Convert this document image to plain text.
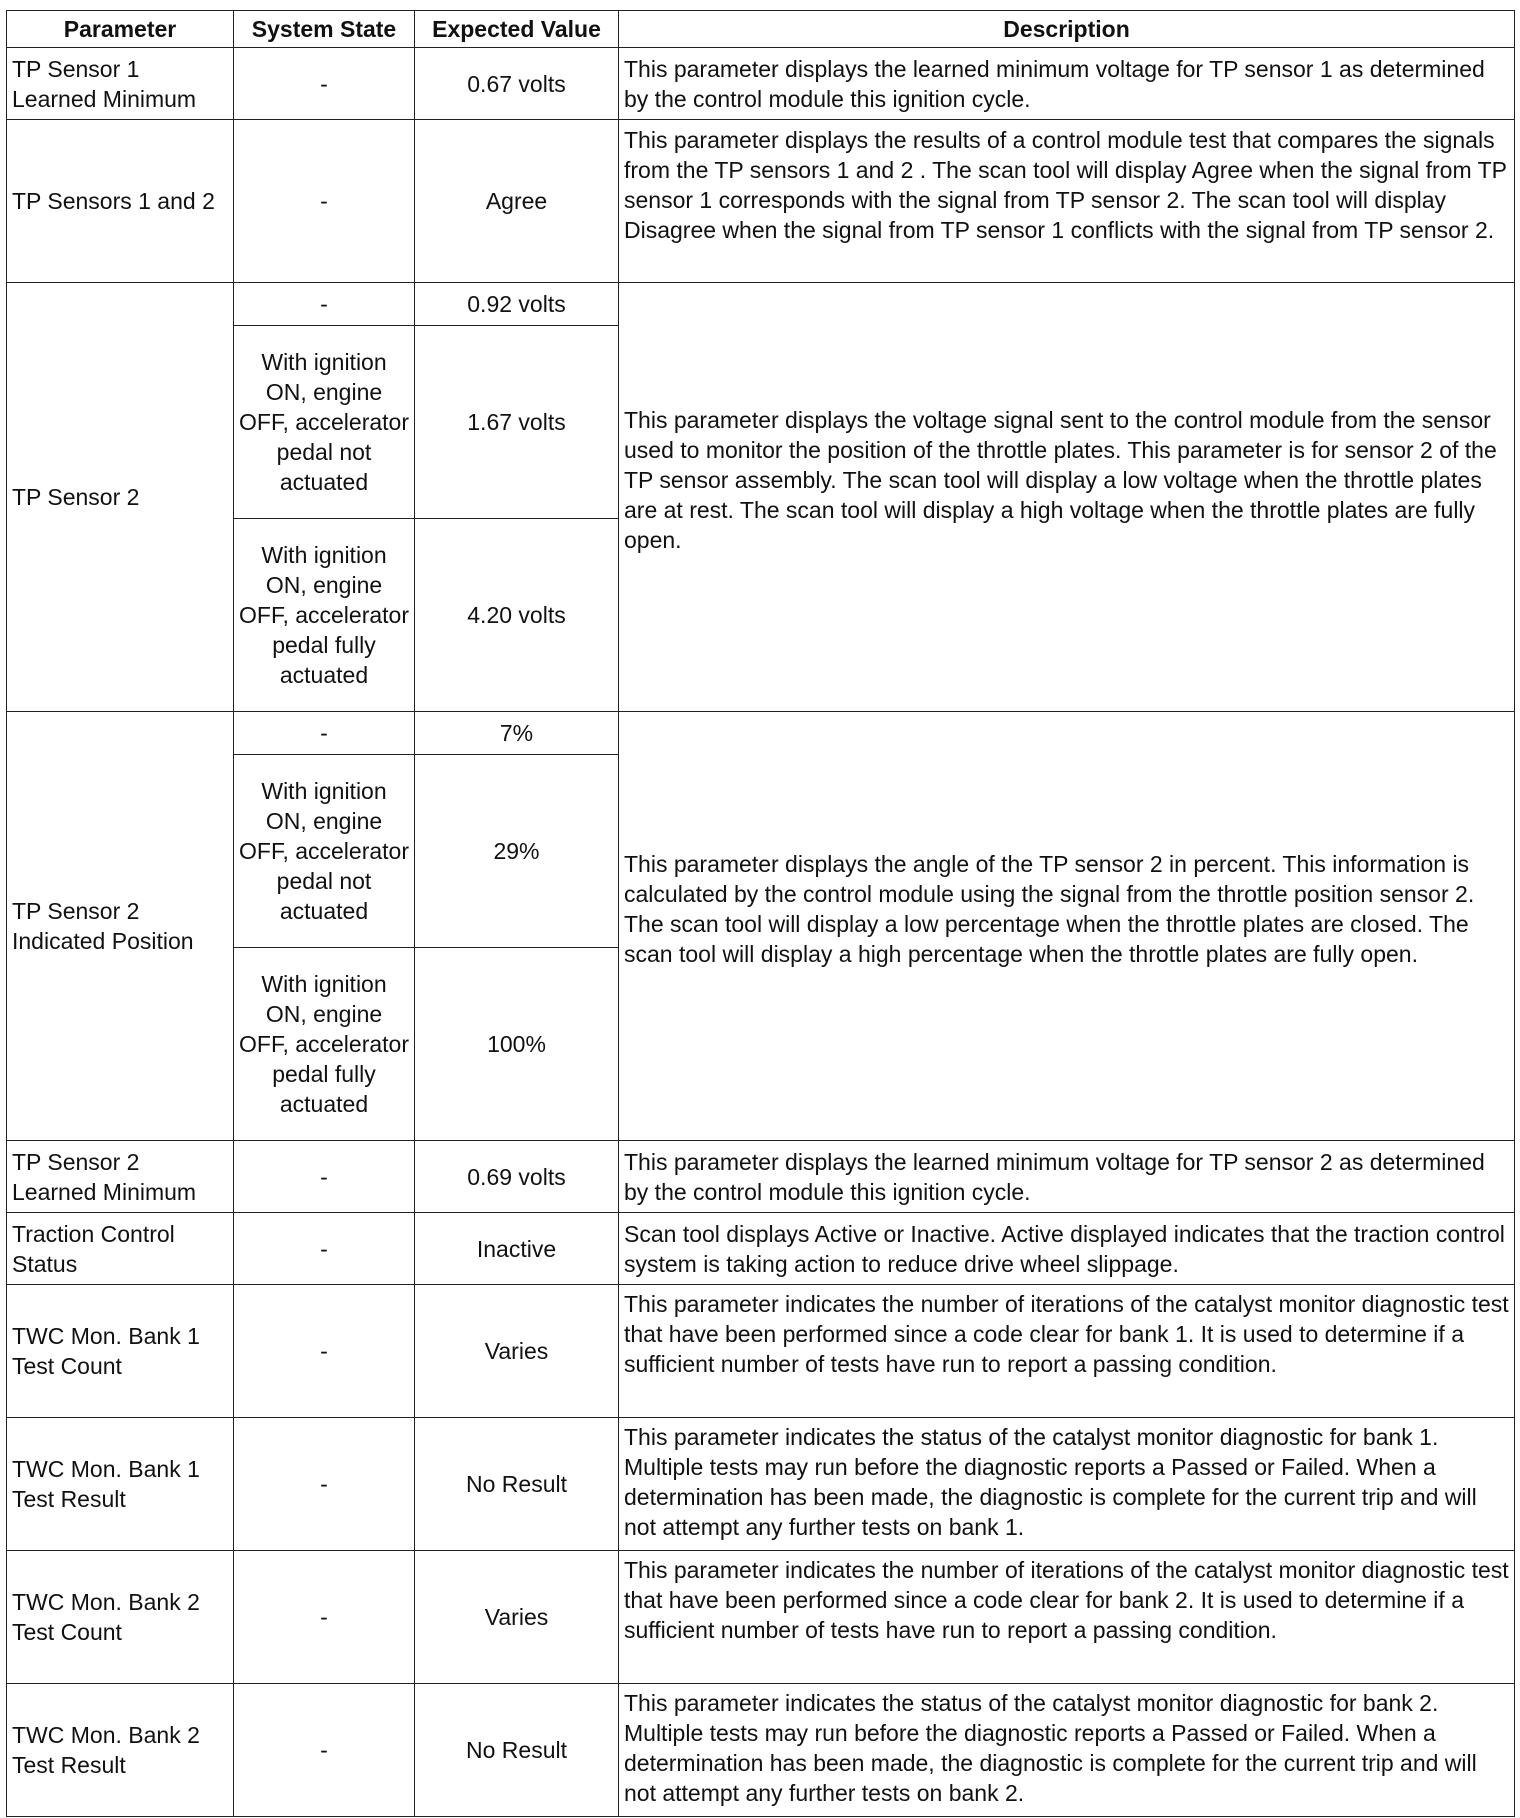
Parameter	System State	Expected Value	Description
TP Sensor 1 Learned Minimum	-	0.67 volts	This parameter displays the learned minimum voltage for TP sensor 1 as determined by the control module this ignition cycle.
TP Sensors 1 and 2	-	Agree	This parameter displays the results of a control module test that compares the signals from the TP sensors 1 and 2 . The scan tool will display Agree when the signal from TP sensor 1 corresponds with the signal from TP sensor 2. The scan tool will display Disagree when the signal from TP sensor 1 conflicts with the signal from TP sensor 2.
TP Sensor 2	-	0.92 volts	This parameter displays the voltage signal sent to the control module from the sensor used to monitor the position of the throttle plates. This parameter is for sensor 2 of the TP sensor assembly. The scan tool will display a low voltage when the throttle plates are at rest. The scan tool will display a high voltage when the throttle plates are fully open.
	With ignition ON, engine OFF, accelerator pedal not actuated	1.67 volts	
	With ignition ON, engine OFF, accelerator pedal fully actuated	4.20 volts	
TP Sensor 2 Indicated Position	-	7%	This parameter displays the angle of the TP sensor 2 in percent. This information is calculated by the control module using the signal from the throttle position sensor 2. The scan tool will display a low percentage when the throttle plates are closed. The scan tool will display a high percentage when the throttle plates are fully open.
	With ignition ON, engine OFF, accelerator pedal not actuated	29%	
	With ignition ON, engine OFF, accelerator pedal fully actuated	100%	
TP Sensor 2 Learned Minimum	-	0.69 volts	This parameter displays the learned minimum voltage for TP sensor 2 as determined by the control module this ignition cycle.
Traction Control Status	-	Inactive	Scan tool displays Active or Inactive. Active displayed indicates that the traction control system is taking action to reduce drive wheel slippage.
TWC Mon. Bank 1 Test Count	-	Varies	This parameter indicates the number of iterations of the catalyst monitor diagnostic test that have been performed since a code clear for bank 1. It is used to determine if a sufficient number of tests have run to report a passing condition.
TWC Mon. Bank 1 Test Result	-	No Result	This parameter indicates the status of the catalyst monitor diagnostic for bank 1. Multiple tests may run before the diagnostic reports a Passed or Failed. When a determination has been made, the diagnostic is complete for the current trip and will not attempt any further tests on bank 1.
TWC Mon. Bank 2 Test Count	-	Varies	This parameter indicates the number of iterations of the catalyst monitor diagnostic test that have been performed since a code clear for bank 2. It is used to determine if a sufficient number of tests have run to report a passing condition.
TWC Mon. Bank 2 Test Result	-	No Result	This parameter indicates the status of the catalyst monitor diagnostic for bank 2. Multiple tests may run before the diagnostic reports a Passed or Failed. When a determination has been made, the diagnostic is complete for the current trip and will not attempt any further tests on bank 2.
